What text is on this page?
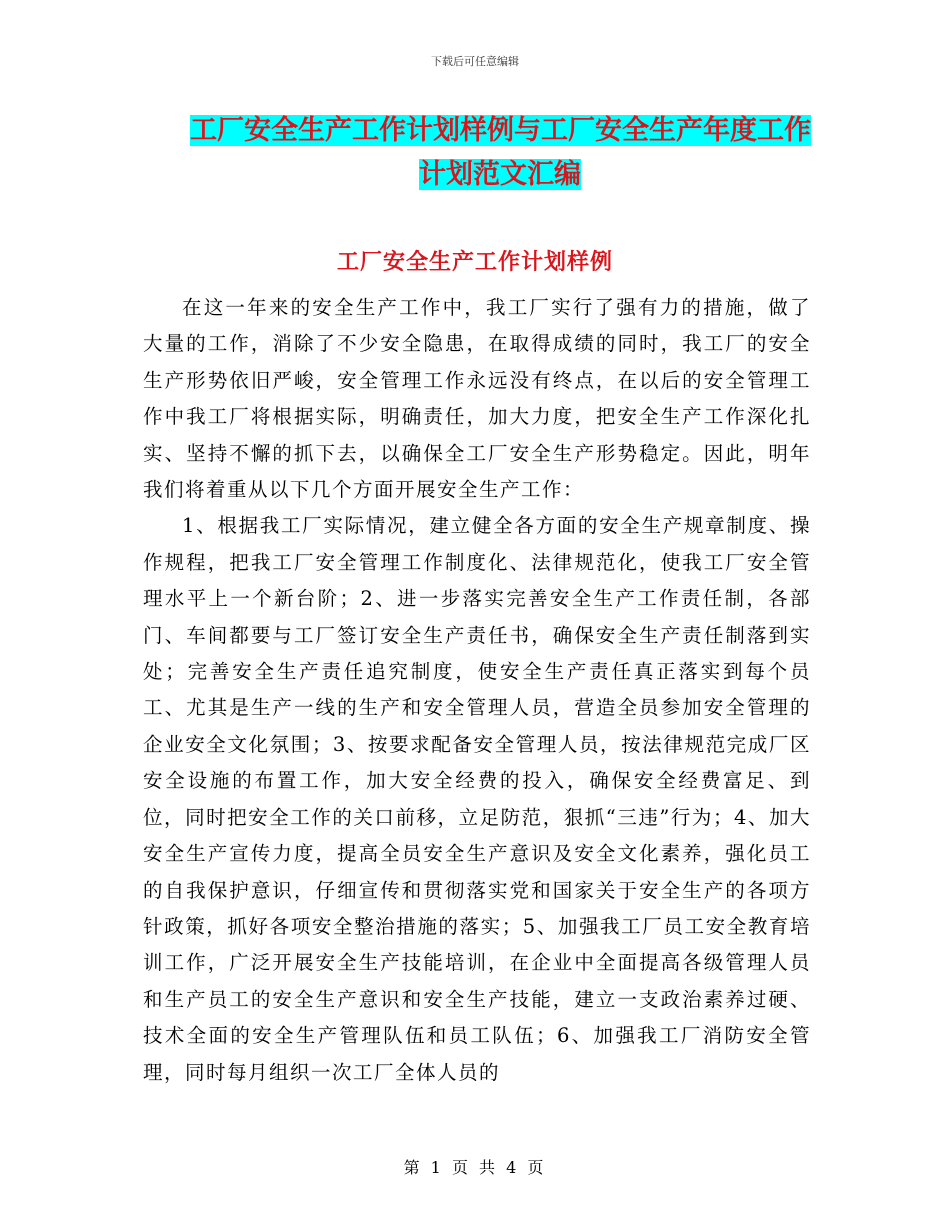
下载后可任意编辑
工厂安全生产工作计划样例与工厂安全生产年度工作
计划范文汇编
工厂安全生产工作计划样例

在这一年来的安全生产工作中，我工厂实行了强有力的措施，做了大量的工作，消除了不少安全隐患，在取得成绩的同时，我工厂的安全生产形势依旧严峻，安全管理工作永远没有终点，在以后的安全管理工作中我工厂将根据实际，明确责任，加大力度，把安全生产工作深化扎实、坚持不懈的抓下去，以确保全工厂安全生产形势稳定。因此，明年我们将着重从以下几个方面开展安全生产工作：

1、根据我工厂实际情况，建立健全各方面的安全生产规章制度、操作规程，把我工厂安全管理工作制度化、法律规范化，使我工厂安全管理水平上一个新台阶；2、进一步落实完善安全生产工作责任制，各部门、车间都要与工厂签订安全生产责任书，确保安全生产责任制落到实处；完善安全生产责任追究制度，使安全生产责任真正落实到每个员工、尤其是生产一线的生产和安全管理人员，营造全员参加安全管理的企业安全文化氛围；3、按要求配备安全管理人员，按法律规范完成厂区安全设施的布置工作，加大安全经费的投入，确保安全经费富足、到位，同时把安全工作的关口前移，立足防范，狠抓“三违”行为；4、加大安全生产宣传力度，提高全员安全生产意识及安全文化素养，强化员工的自我保护意识，仔细宣传和贯彻落实党和国家关于安全生产的各项方针政策，抓好各项安全整治措施的落实；5、加强我工厂员工安全教育培训工作，广泛开展安全生产技能培训，在企业中全面提高各级管理人员和生产员工的安全生产意识和安全生产技能，建立一支政治素养过硬、技术全面的安全生产管理队伍和员工队伍；6、加强我工厂消防安全管理，同时每月组织一次工厂全体人员的

第 1 页 共 4 页
